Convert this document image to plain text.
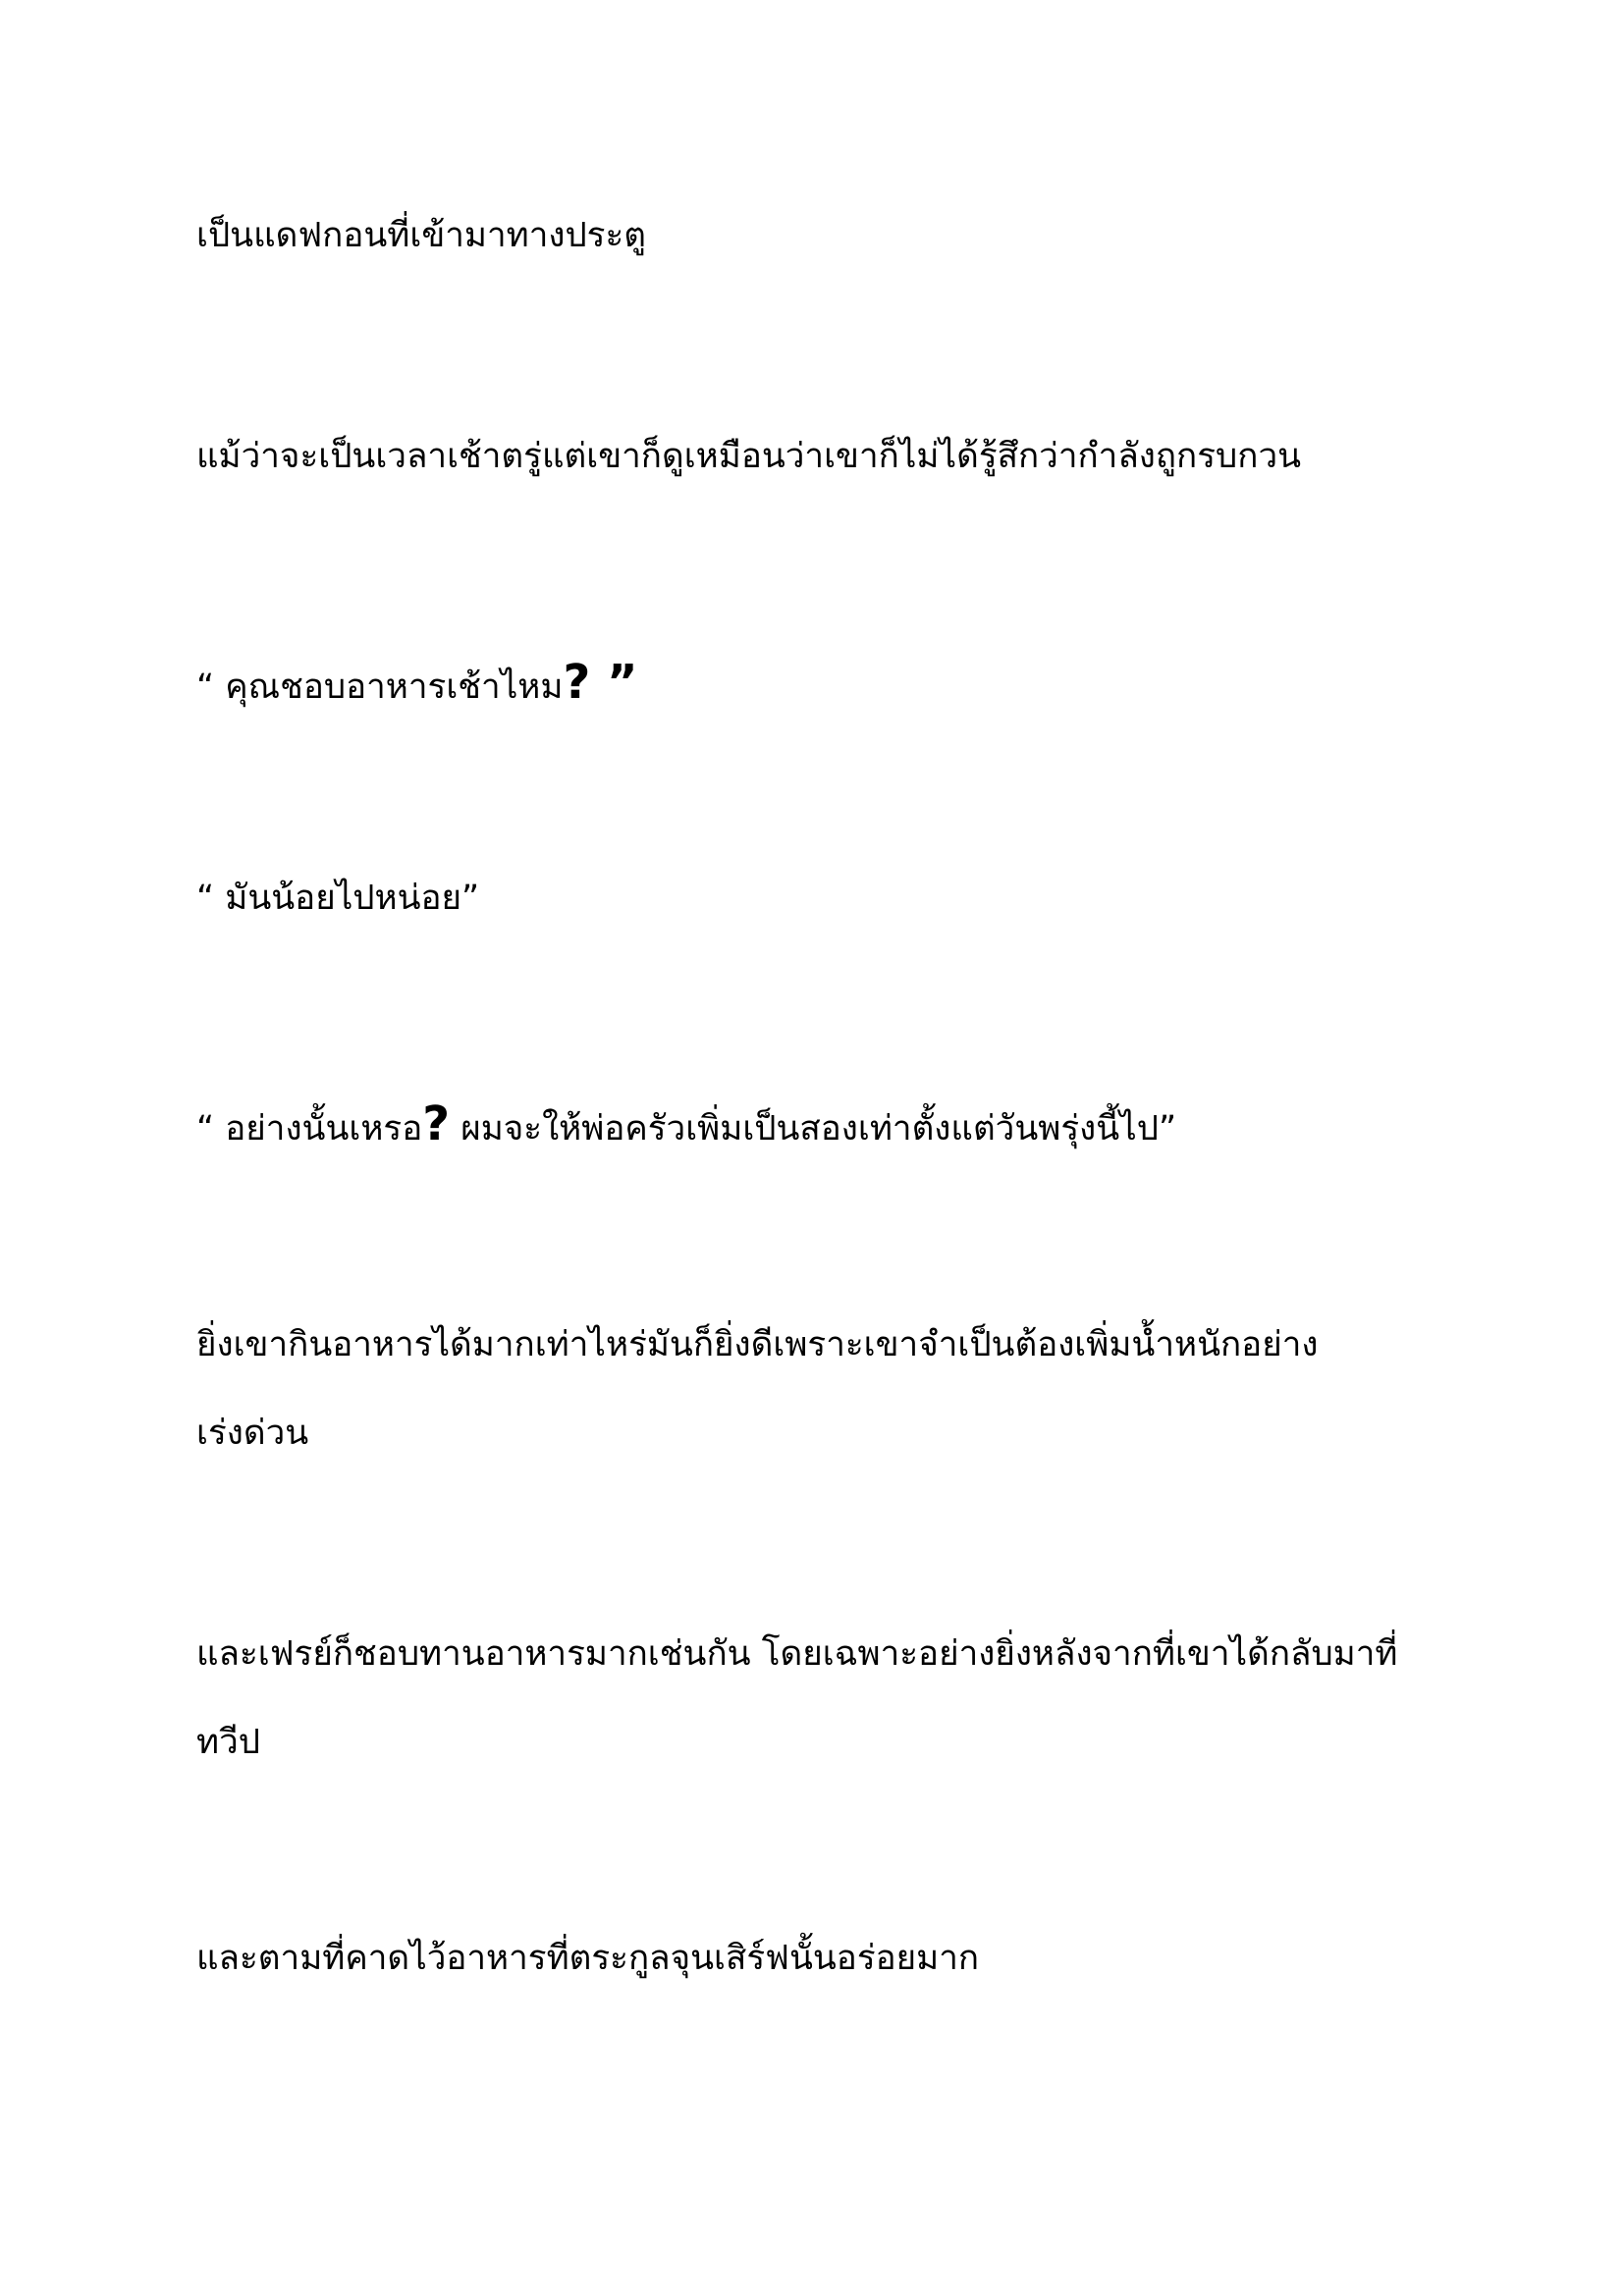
เป็นแดฟกอนที่เข้ามาทางประตู
แม้ว่าจะเป็นเวลาเช้าตรู่แต่เขาก็ดูเหมือนว่าเขาก็ไม่ได้รู้สึกว่ากำลังถูกรบกวน
“ คุณชอบอาหารเช้าไหม? ”
“ มันน้อยไปหน่อย”
“ อย่างนั้นเหรอ? ผมจะให้พ่อครัวเพิ่มเป็นสองเท่าตั้งแต่วันพรุ่งนี้ไป”
ยิ่งเขากินอาหารได้มากเท่าไหร่มันก็ยิ่งดีเพราะเขาจำเป็นต้องเพิ่มน้ำหนักอย่าง
เร่งด่วน
และเฟรย์ก็ชอบทานอาหารมากเช่นกัน โดยเฉพาะอย่างยิ่งหลังจากที่เขาได้กลับมาที่
ทวีป
และตามที่คาดไว้อาหารที่ตระกูลจุนเสิร์ฟนั้นอร่อยมาก
